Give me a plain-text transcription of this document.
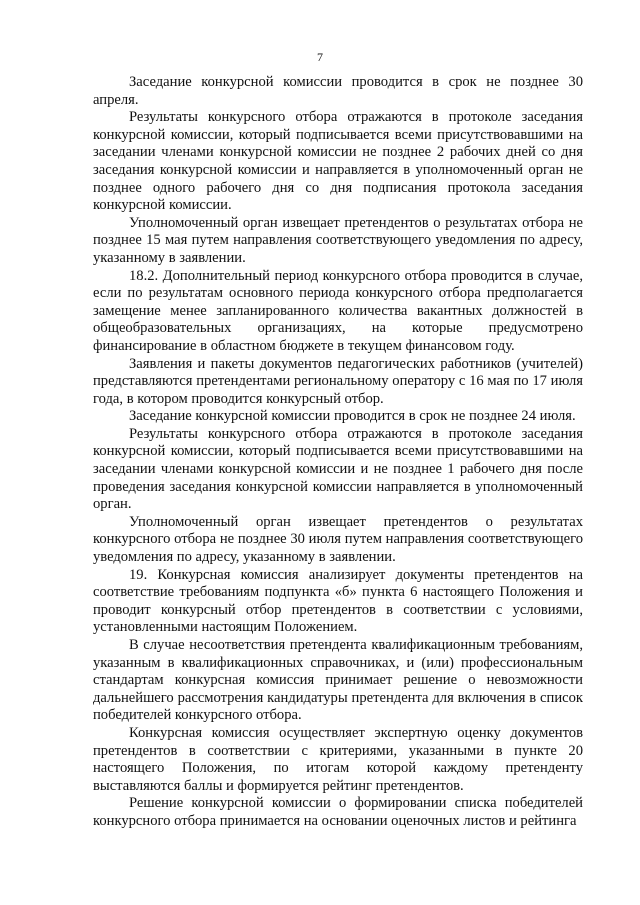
7

Заседание конкурсной комиссии проводится в срок не позднее 30 апреля.

Результаты конкурсного отбора отражаются в протоколе заседания конкурсной комиссии, который подписывается всеми присутствовавшими на заседании членами конкурсной комиссии не позднее 2 рабочих дней со дня заседания конкурсной комиссии и направляется в уполномоченный орган не позднее одного рабочего дня со дня подписания протокола заседания конкурсной комиссии.

Уполномоченный орган извещает претендентов о результатах отбора не позднее 15 мая путем направления соответствующего уведомления по адресу, указанному в заявлении.

18.2. Дополнительный период конкурсного отбора проводится в случае, если по результатам основного периода конкурсного отбора предполагается замещение менее запланированного количества вакантных должностей в общеобразовательных организациях, на которые предусмотрено финансирование в областном бюджете в текущем финансовом году.

Заявления и пакеты документов педагогических работников (учителей) представляются претендентами региональному оператору с 16 мая по 17 июля года, в котором проводится конкурсный отбор.

Заседание конкурсной комиссии проводится в срок не позднее 24 июля.

Результаты конкурсного отбора отражаются в протоколе заседания конкурсной комиссии, который подписывается всеми присутствовавшими на заседании членами конкурсной комиссии и не позднее 1 рабочего дня после проведения заседания конкурсной комиссии направляется в уполномоченный орган.

Уполномоченный орган извещает претендентов о результатах конкурсного отбора не позднее 30 июля путем направления соответствующего уведомления по адресу, указанному в заявлении.

19. Конкурсная комиссия анализирует документы претендентов на соответствие требованиям подпункта «б» пункта 6 настоящего Положения и проводит конкурсный отбор претендентов в соответствии с условиями, установленными настоящим Положением.

В случае несоответствия претендента квалификационным требованиям, указанным в квалификационных справочниках, и (или) профессиональным стандартам конкурсная комиссия принимает решение о невозможности дальнейшего рассмотрения кандидатуры претендента для включения в список победителей конкурсного отбора.

Конкурсная комиссия осуществляет экспертную оценку документов претендентов в соответствии с критериями, указанными в пункте 20 настоящего Положения, по итогам которой каждому претенденту выставляются баллы и формируется рейтинг претендентов.

Решение конкурсной комиссии о формировании списка победителей конкурсного отбора принимается на основании оценочных листов и рейтинга
